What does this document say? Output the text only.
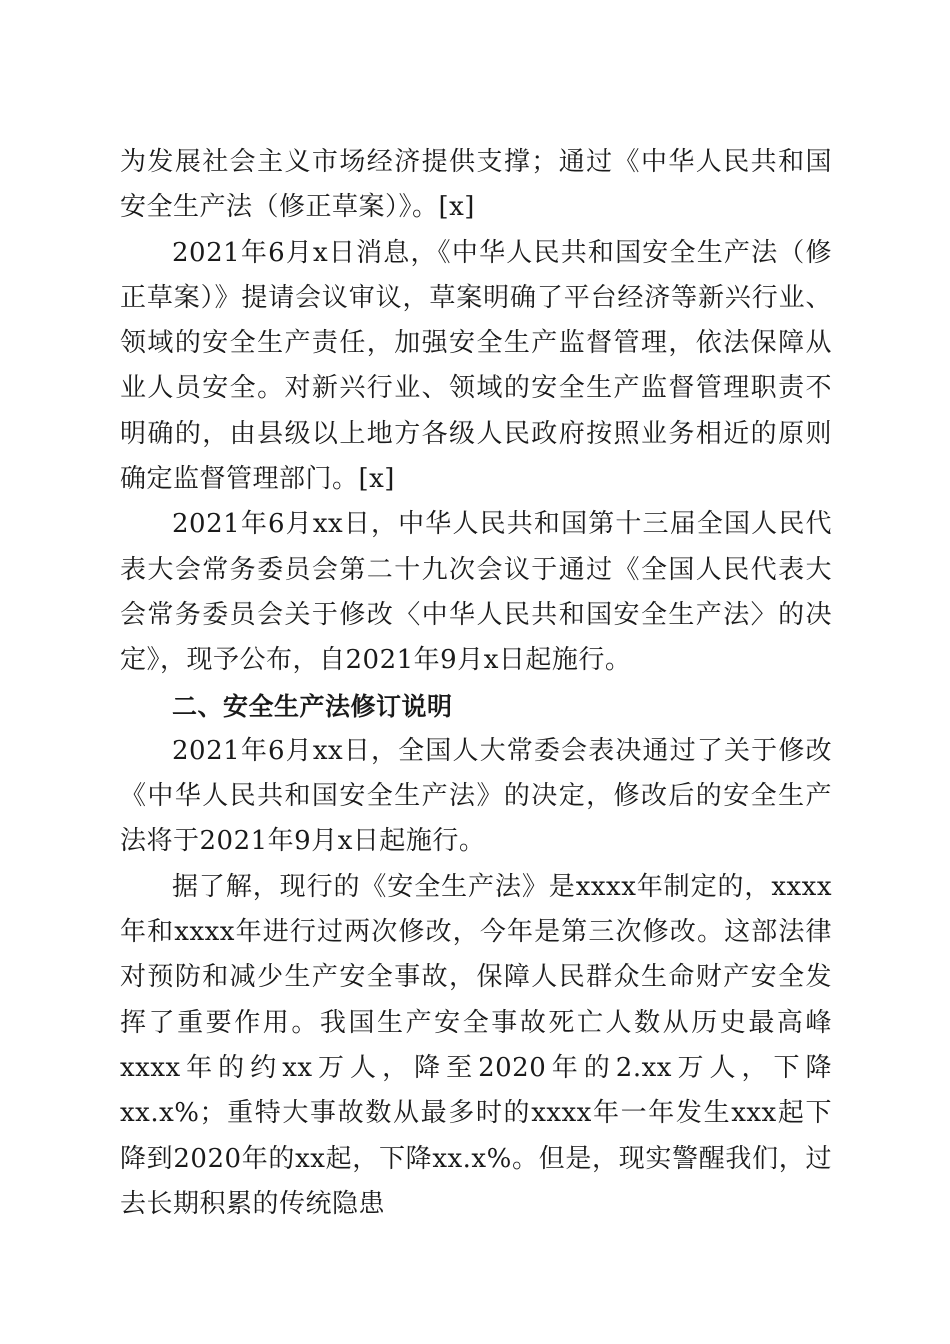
为发展社会主义市场经济提供支撑；通过《中华人民共和国安全生产法（修正草案）》。[x]

2021年6月x日消息，《中华人民共和国安全生产法（修正草案）》提请会议审议，草案明确了平台经济等新兴行业、领域的安全生产责任，加强安全生产监督管理，依法保障从业人员安全。对新兴行业、领域的安全生产监督管理职责不明确的，由县级以上地方各级人民政府按照业务相近的原则确定监督管理部门。[x]

2021年6月xx日，中华人民共和国第十三届全国人民代表大会常务委员会第二十九次会议于通过《全国人民代表大会常务委员会关于修改〈中华人民共和国安全生产法〉的决定》，现予公布，自2021年9月x日起施行。

二、安全生产法修订说明

2021年6月xx日，全国人大常委会表决通过了关于修改《中华人民共和国安全生产法》的决定，修改后的安全生产法将于2021年9月x日起施行。

据了解，现行的《安全生产法》是xxxx年制定的，xxxx年和xxxx年进行过两次修改，今年是第三次修改。这部法律对预防和减少生产安全事故，保障人民群众生命财产安全发挥了重要作用。我国生产安全事故死亡人数从历史最高峰xxxx年的约xx万人，降至2020年的2.xx万人，下降xx.x%；重特大事故数从最多时的xxxx年一年发生xxx起下降到2020年的xx起，下降xx.x%。但是，现实警醒我们，过去长期积累的传统隐患
